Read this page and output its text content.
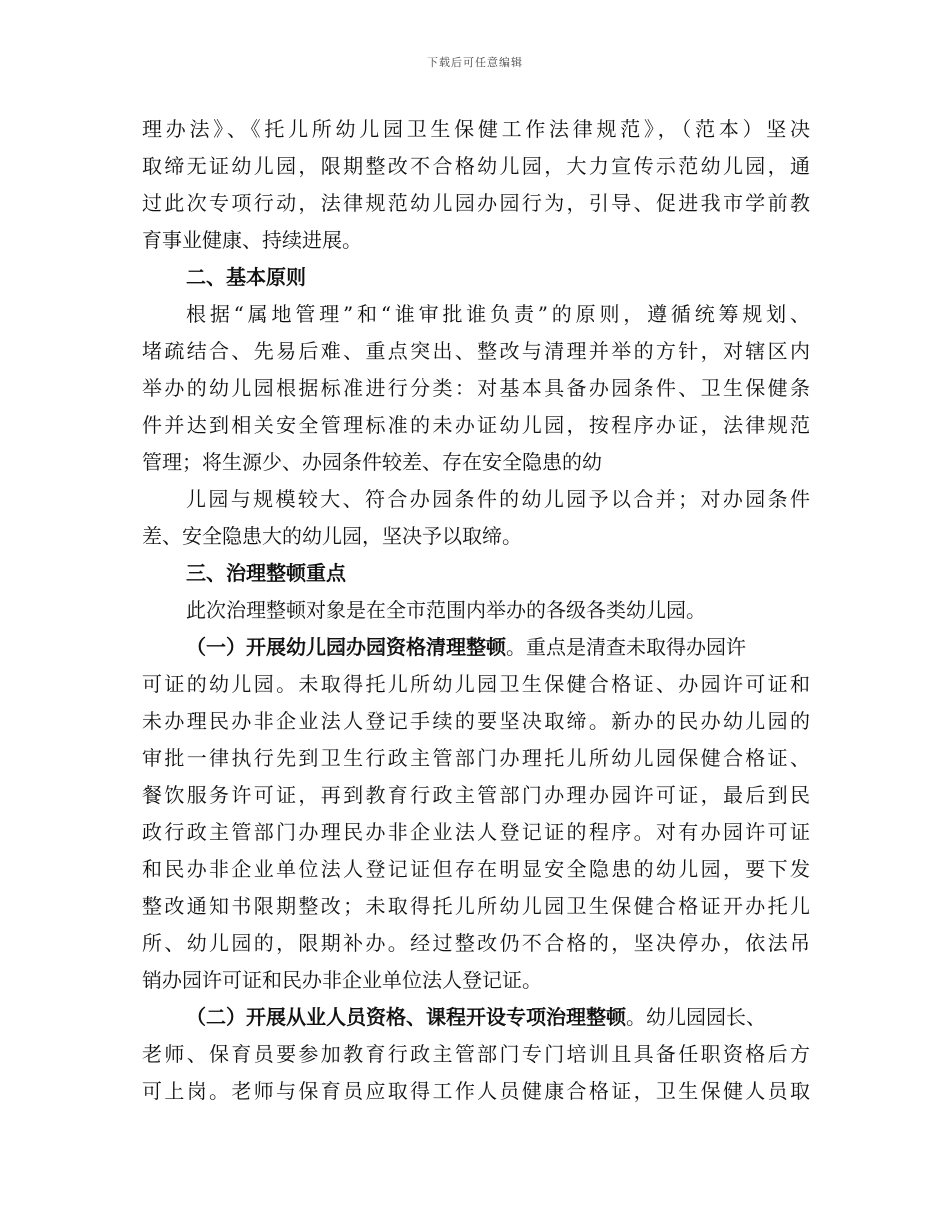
下载后可任意编辑
理办法》、《托儿所幼儿园卫生保健工作法律规范》，（范本）坚决
取缔无证幼儿园，限期整改不合格幼儿园，大力宣传示范幼儿园，通
过此次专项行动，法律规范幼儿园办园行为，引导、促进我市学前教
育事业健康、持续进展。
二、基本原则
根据“属地管理”和“谁审批谁负责”的原则，遵循统筹规划、
堵疏结合、先易后难、重点突出、整改与清理并举的方针，对辖区内
举办的幼儿园根据标准进行分类：对基本具备办园条件、卫生保健条
件并达到相关安全管理标准的未办证幼儿园，按程序办证，法律规范
管理；将生源少、办园条件较差、存在安全隐患的幼
儿园与规模较大、符合办园条件的幼儿园予以合并；对办园条件
差、安全隐患大的幼儿园，坚决予以取缔。
三、治理整顿重点
此次治理整顿对象是在全市范围内举办的各级各类幼儿园。
（一）开展幼儿园办园资格清理整顿。重点是清查未取得办园许
可证的幼儿园。未取得托儿所幼儿园卫生保健合格证、办园许可证和
未办理民办非企业法人登记手续的要坚决取缔。新办的民办幼儿园的
审批一律执行先到卫生行政主管部门办理托儿所幼儿园保健合格证、
餐饮服务许可证，再到教育行政主管部门办理办园许可证，最后到民
政行政主管部门办理民办非企业法人登记证的程序。对有办园许可证
和民办非企业单位法人登记证但存在明显安全隐患的幼儿园，要下发
整改通知书限期整改；未取得托儿所幼儿园卫生保健合格证开办托儿
所、幼儿园的，限期补办。经过整改仍不合格的，坚决停办，依法吊
销办园许可证和民办非企业单位法人登记证。
（二）开展从业人员资格、课程开设专项治理整顿。幼儿园园长、
老师、保育员要参加教育行政主管部门专门培训且具备任职资格后方
可上岗。老师与保育员应取得工作人员健康合格证，卫生保健人员取
